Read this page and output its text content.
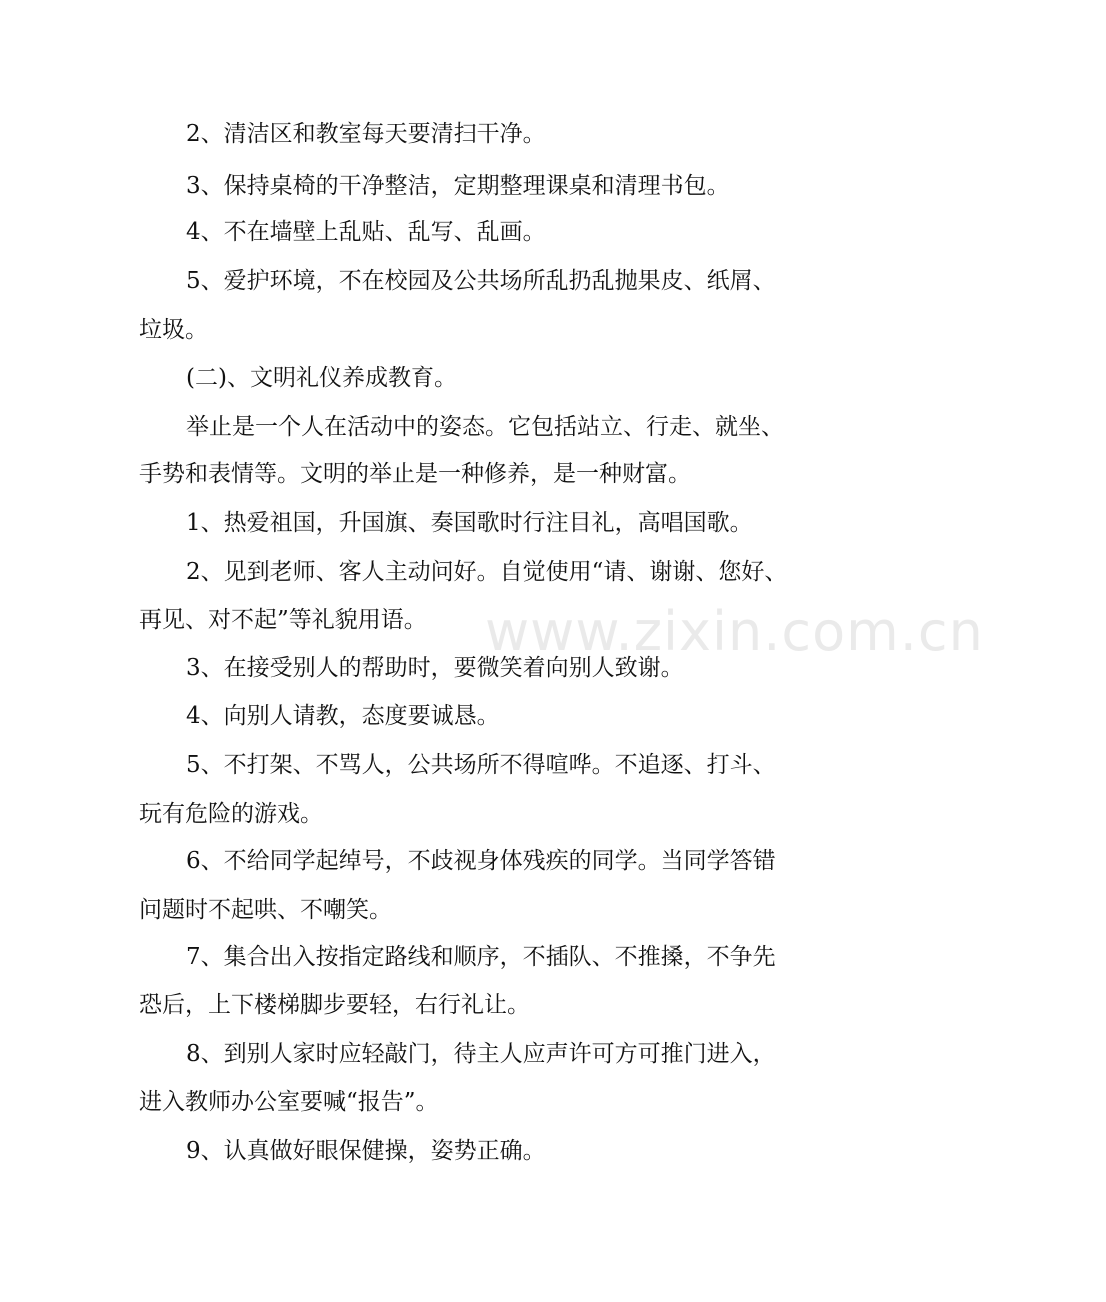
2、清洁区和教室每天要清扫干净。
3、保持桌椅的干净整洁，定期整理课桌和清理书包。
4、不在墙壁上乱贴、乱写、乱画。
5、爱护环境，不在校园及公共场所乱扔乱抛果皮、纸屑、
垃圾。
(二)、文明礼仪养成教育。
举止是一个人在活动中的姿态。它包括站立、行走、就坐、
手势和表情等。文明的举止是一种修养，是一种财富。
1、热爱祖国，升国旗、奏国歌时行注目礼，高唱国歌。
2、见到老师、客人主动问好。自觉使用“请、谢谢、您好、
再见、对不起”等礼貌用语。
3、在接受别人的帮助时，要微笑着向别人致谢。
4、向别人请教，态度要诚恳。
5、不打架、不骂人，公共场所不得喧哗。不追逐、打斗、
玩有危险的游戏。
6、不给同学起绰号，不歧视身体残疾的同学。当同学答错
问题时不起哄、不嘲笑。
7、集合出入按指定路线和顺序，不插队、不推搡，不争先
恐后，上下楼梯脚步要轻，右行礼让。
8、到别人家时应轻敲门，待主人应声许可方可推门进入，
进入教师办公室要喊“报告”。
9、认真做好眼保健操，姿势正确。
www.zixin.com.cn
